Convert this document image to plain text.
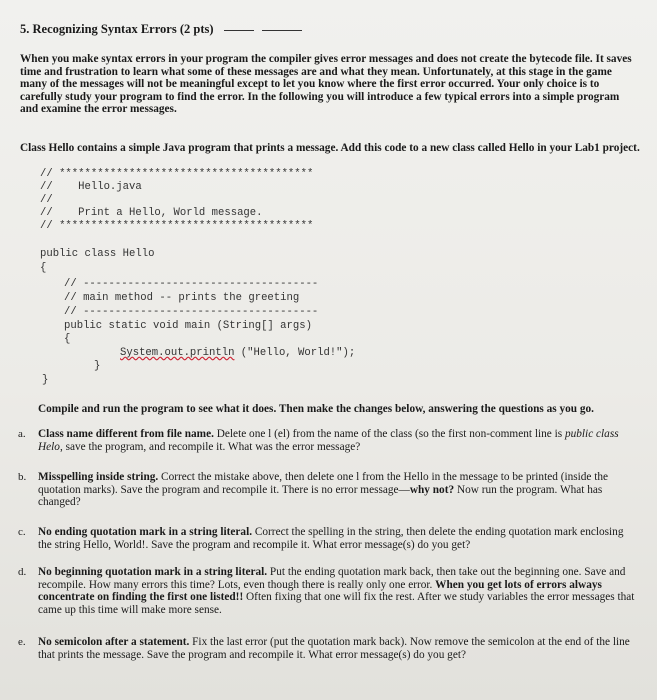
5. Recognizing Syntax Errors (2 pts)
When you make syntax errors in your program the compiler gives error messages and does not create the bytecode file. It saves time and frustration to learn what some of these messages are and what they mean. Unfortunately, at this stage in the game many of the messages will not be meaningful except to let you know where the first error occurred. Your only choice is to carefully study your program to find the error. In the following you will introduce a few typical errors into a simple program and examine the error messages.
Class Hello contains a simple Java program that prints a message. Add this code to a new class called Hello in your Lab1 project.
// ****************************************
//    Hello.java
//
//    Print a Hello, World message.
// ****************************************
public class Hello
{
// -------------------------------------
// main method -- prints the greeting
// -------------------------------------
public static void main (String[] args)
{
System.out.println ("Hello, World!");
}
}
Compile and run the program to see what it does. Then make the changes below, answering the questions as you go.
a. Class name different from file name. Delete one l (el) from the name of the class (so the first non-comment line is public class Helo, save the program, and recompile it. What was the error message?
b. Misspelling inside string. Correct the mistake above, then delete one l from the Hello in the message to be printed (inside the quotation marks). Save the program and recompile it. There is no error message—why not? Now run the program. What has changed?
c. No ending quotation mark in a string literal. Correct the spelling in the string, then delete the ending quotation mark enclosing the string Hello, World!. Save the program and recompile it. What error message(s) do you get?
d. No beginning quotation mark in a string literal. Put the ending quotation mark back, then take out the beginning one. Save and recompile. How many errors this time? Lots, even though there is really only one error. When you get lots of errors always concentrate on finding the first one listed!! Often fixing that one will fix the rest. After we study variables the error messages that came up this time will make more sense.
e. No semicolon after a statement. Fix the last error (put the quotation mark back). Now remove the semicolon at the end of the line that prints the message. Save the program and recompile it. What error message(s) do you get?
